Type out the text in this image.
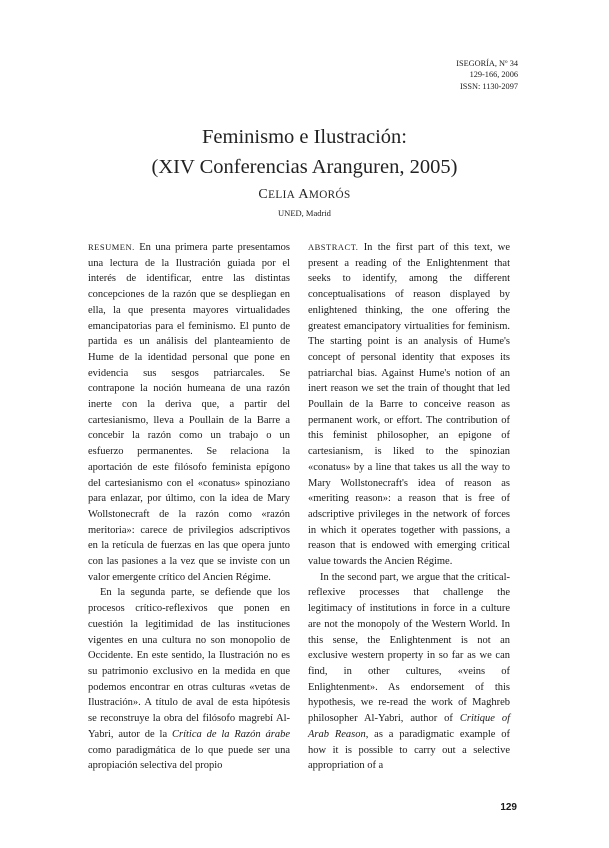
ISEGORÍA, Nº 34
129-166, 2006
ISSN: 1130-2097
Feminismo e Ilustración:
(XIV Conferencias Aranguren, 2005)
CELIA AMORÓS
UNED, Madrid

RESUMEN. En una primera parte presentamos una lectura de la Ilustración guiada por el interés de identificar, entre las distintas concepciones de la razón que se despliegan en ella, la que presenta mayores virtualidades emancipatorias para el feminismo. El punto de partida es un análisis del planteamiento de Hume de la identidad personal que pone en evidencia sus sesgos patriarcales. Se contrapone la noción humeana de una razón inerte con la deriva que, a partir del cartesianismo, lleva a Poullain de la Barre a concebir la razón como un trabajo o un esfuerzo permanentes. Se relaciona la aportación de este filósofo feminista epígono del cartesianismo con el «conatus» spinoziano para enlazar, por último, con la idea de Mary Wollstonecraft de la razón como «razón meritoria»: carece de privilegios adscriptivos en la retícula de fuerzas en las que opera junto con las pasiones a la vez que se inviste con un valor emergente crítico del Ancien Régime.

En la segunda parte, se defiende que los procesos crítico-reflexivos que ponen en cuestión la legitimidad de las instituciones vigentes en una cultura no son monopolio de Occidente. En este sentido, la Ilustración no es su patrimonio exclusivo en la medida en que podemos encontrar en otras culturas «vetas de Ilustración». A título de aval de esta hipótesis se reconstruye la obra del filósofo magrebí Al-Yabri, autor de la Crítica de la Razón árabe como paradigmática de lo que puede ser una apropiación selectiva del propio

ABSTRACT. In the first part of this text, we present a reading of the Enlightenment that seeks to identify, among the different conceptualisations of reason displayed by enlightened thinking, the one offering the greatest emancipatory virtualities for feminism. The starting point is an analysis of Hume's concept of personal identity that exposes its patriarchal bias. Against Hume's notion of an inert reason we set the train of thought that led Poullain de la Barre to conceive reason as permanent work, or effort. The contribution of this feminist philosopher, an epigone of cartesianism, is liked to the spinozian «conatus» by a line that takes us all the way to Mary Wollstonecraft's idea of reason as «meriting reason»: a reason that is free of adscriptive privileges in the network of forces in which it operates together with passions, a reason that is endowed with emerging critical value towards the Ancien Régime.

In the second part, we argue that the critical-reflexive processes that challenge the legitimacy of institutions in force in a culture are not the monopoly of the Western World. In this sense, the Enlightenment is not an exclusive western property in so far as we can find, in other cultures, «veins of Enlightenment». As endorsement of this hypothesis, we re-read the work of Maghreb philosopher Al-Yabri, author of Critique of Arab Reason, as a paradigmatic example of how it is possible to carry out a selective appropriation of a

129
